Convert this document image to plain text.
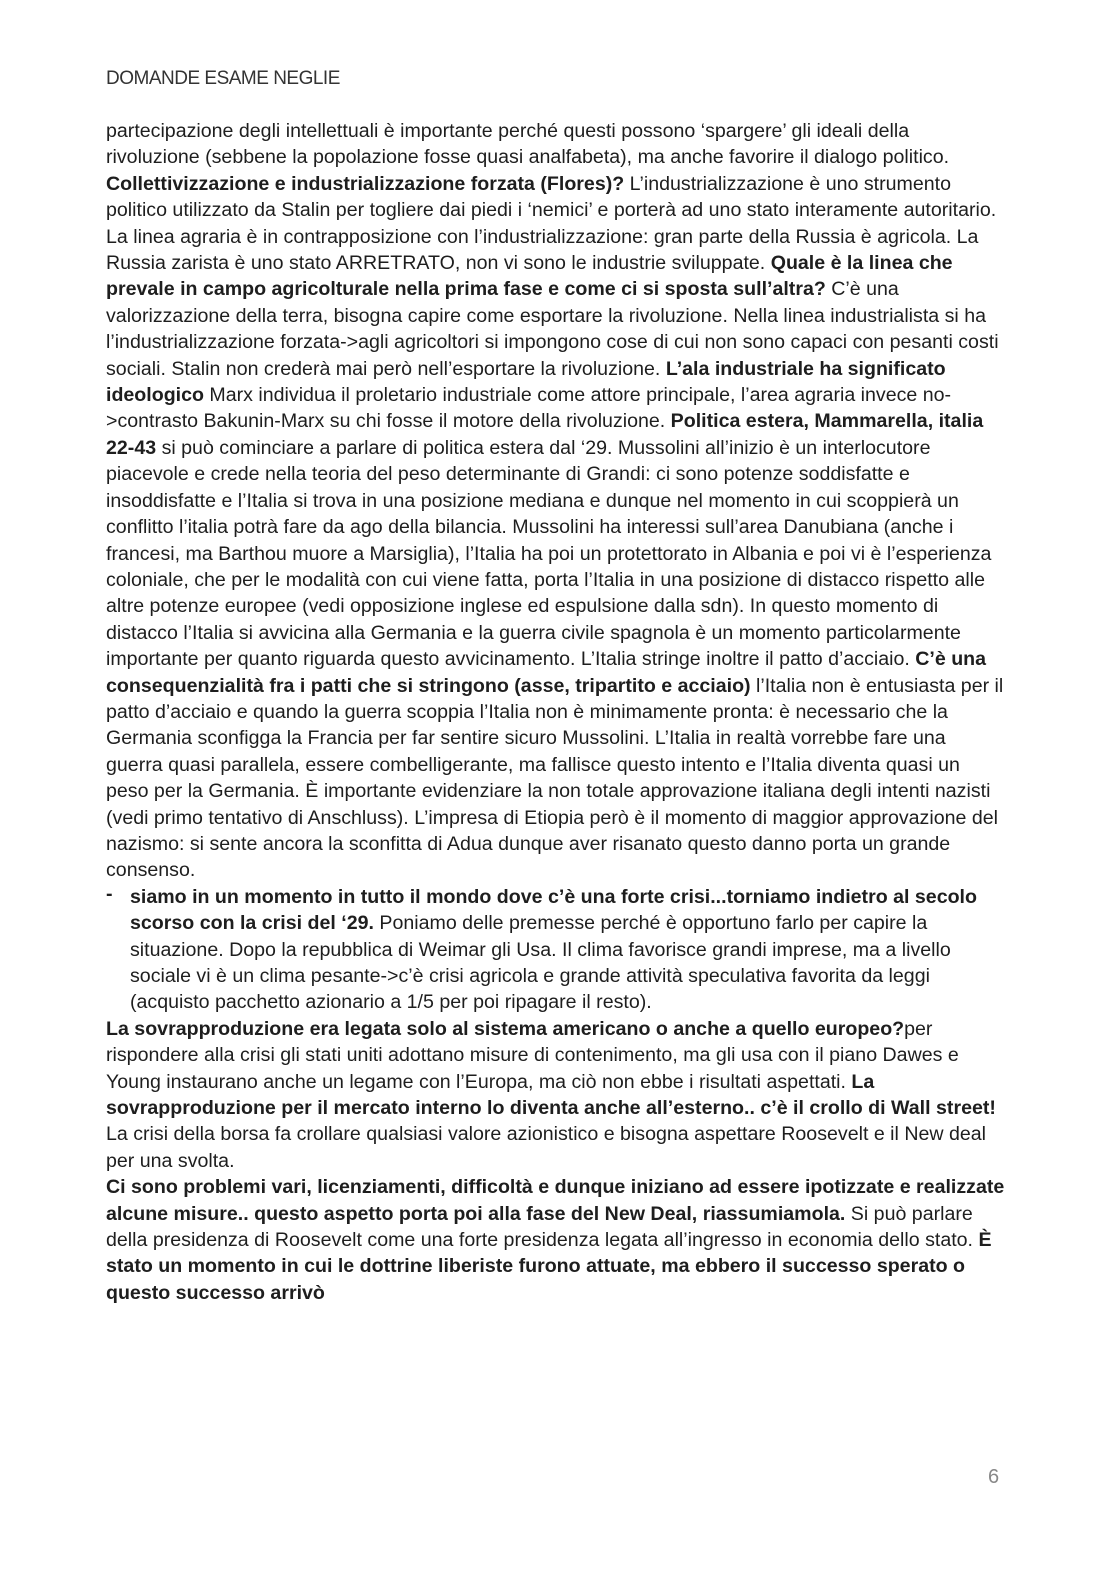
DOMANDE ESAME NEGLIE

partecipazione degli intellettuali è importante perché questi possono ‘spargere’ gli ideali della rivoluzione (sebbene la popolazione fosse quasi analfabeta), ma anche favorire il dialogo politico. Collettivizzazione e industrializzazione forzata (Flores)? L’industrializzazione è uno strumento politico utilizzato da Stalin per togliere dai piedi i ‘nemici’ e porterà ad uno stato interamente autoritario. La linea agraria è in contrapposizione con l’industrializzazione: gran parte della Russia è agricola. La Russia zarista è uno stato ARRETRATO, non vi sono le industrie sviluppate. Quale è la linea che prevale in campo agricolturale nella prima fase e come ci si sposta sull’altra? C’è una valorizzazione della terra, bisogna capire come esportare la rivoluzione. Nella linea industrialista si ha l’industrializzazione forzata->agli agricoltori si impongono cose di cui non sono capaci con pesanti costi sociali. Stalin non crederà mai però nell’esportare la rivoluzione. L’ala industriale ha significato ideologico Marx individua il proletario industriale come attore principale, l’area agraria invece no->contrasto Bakunin-Marx su chi fosse il motore della rivoluzione. Politica estera, Mammarella, italia 22-43 si può cominciare a parlare di politica estera dal ‘29. Mussolini all’inizio è un interlocutore piacevole e crede nella teoria del peso determinante di Grandi: ci sono potenze soddisfatte e insoddisfatte e l’Italia si trova in una posizione mediana e dunque nel momento in cui scoppierà un conflitto l’italia potrà fare da ago della bilancia. Mussolini ha interessi sull’area Danubiana (anche i francesi, ma Barthou muore a Marsiglia), l’Italia ha poi un protettorato in Albania e poi vi è l’esperienza coloniale, che per le modalità con cui viene fatta, porta l’Italia in una posizione di distacco rispetto alle altre potenze europee (vedi opposizione inglese ed espulsione dalla sdn). In questo momento di distacco l’Italia si avvicina alla Germania e la guerra civile spagnola è un momento particolarmente importante per quanto riguarda questo avvicinamento. L’Italia stringe inoltre il patto d’acciaio. C’è una consequenzialità fra i patti che si stringono (asse, tripartito e acciaio) l’Italia non è entusiasta per il patto d’acciaio e quando la guerra scoppia l’Italia non è minimamente pronta: è necessario che la Germania sconfigga la Francia per far sentire sicuro Mussolini. L’Italia in realtà vorrebbe fare una guerra quasi parallela, essere combelligerante, ma fallisce questo intento e l’Italia diventa quasi un peso per la Germania. È importante evidenziare la non totale approvazione italiana degli intenti nazisti (vedi primo tentativo di Anschluss). L’impresa di Etiopia però è il momento di maggior approvazione del nazismo: si sente ancora la sconfitta di Adua dunque aver risanato questo danno porta un grande consenso.

- siamo in un momento in tutto il mondo dove c’è una forte crisi...torniamo indietro al secolo scorso con la crisi del ‘29. Poniamo delle premesse perché è opportuno farlo per capire la situazione. Dopo la repubblica di Weimar gli Usa. Il clima favorisce grandi imprese, ma a livello sociale vi è un clima pesante->c’è crisi agricola e grande attività speculativa favorita da leggi (acquisto pacchetto azionario a 1/5 per poi ripagare il resto).

La sovrapproduzione era legata solo al sistema americano o anche a quello europeo?per rispondere alla crisi gli stati uniti adottano misure di contenimento, ma gli usa con il piano Dawes e Young instaurano anche un legame con l’Europa, ma ciò non ebbe i risultati aspettati. La sovrapproduzione per il mercato interno lo diventa anche all’esterno.. c’è il crollo di Wall street! La crisi della borsa fa crollare qualsiasi valore azionistico e bisogna aspettare Roosevelt e il New deal per una svolta.

Ci sono problemi vari, licenziamenti, difficoltà e dunque iniziano ad essere ipotizzate e realizzate alcune misure.. questo aspetto porta poi alla fase del New Deal, riassumiamola. Si può parlare della presidenza di Roosevelt come una forte presidenza legata all’ingresso in economia dello stato. È stato un momento in cui le dottrine liberiste furono attuate, ma ebbero il successo sperato o questo successo arrivò

6
